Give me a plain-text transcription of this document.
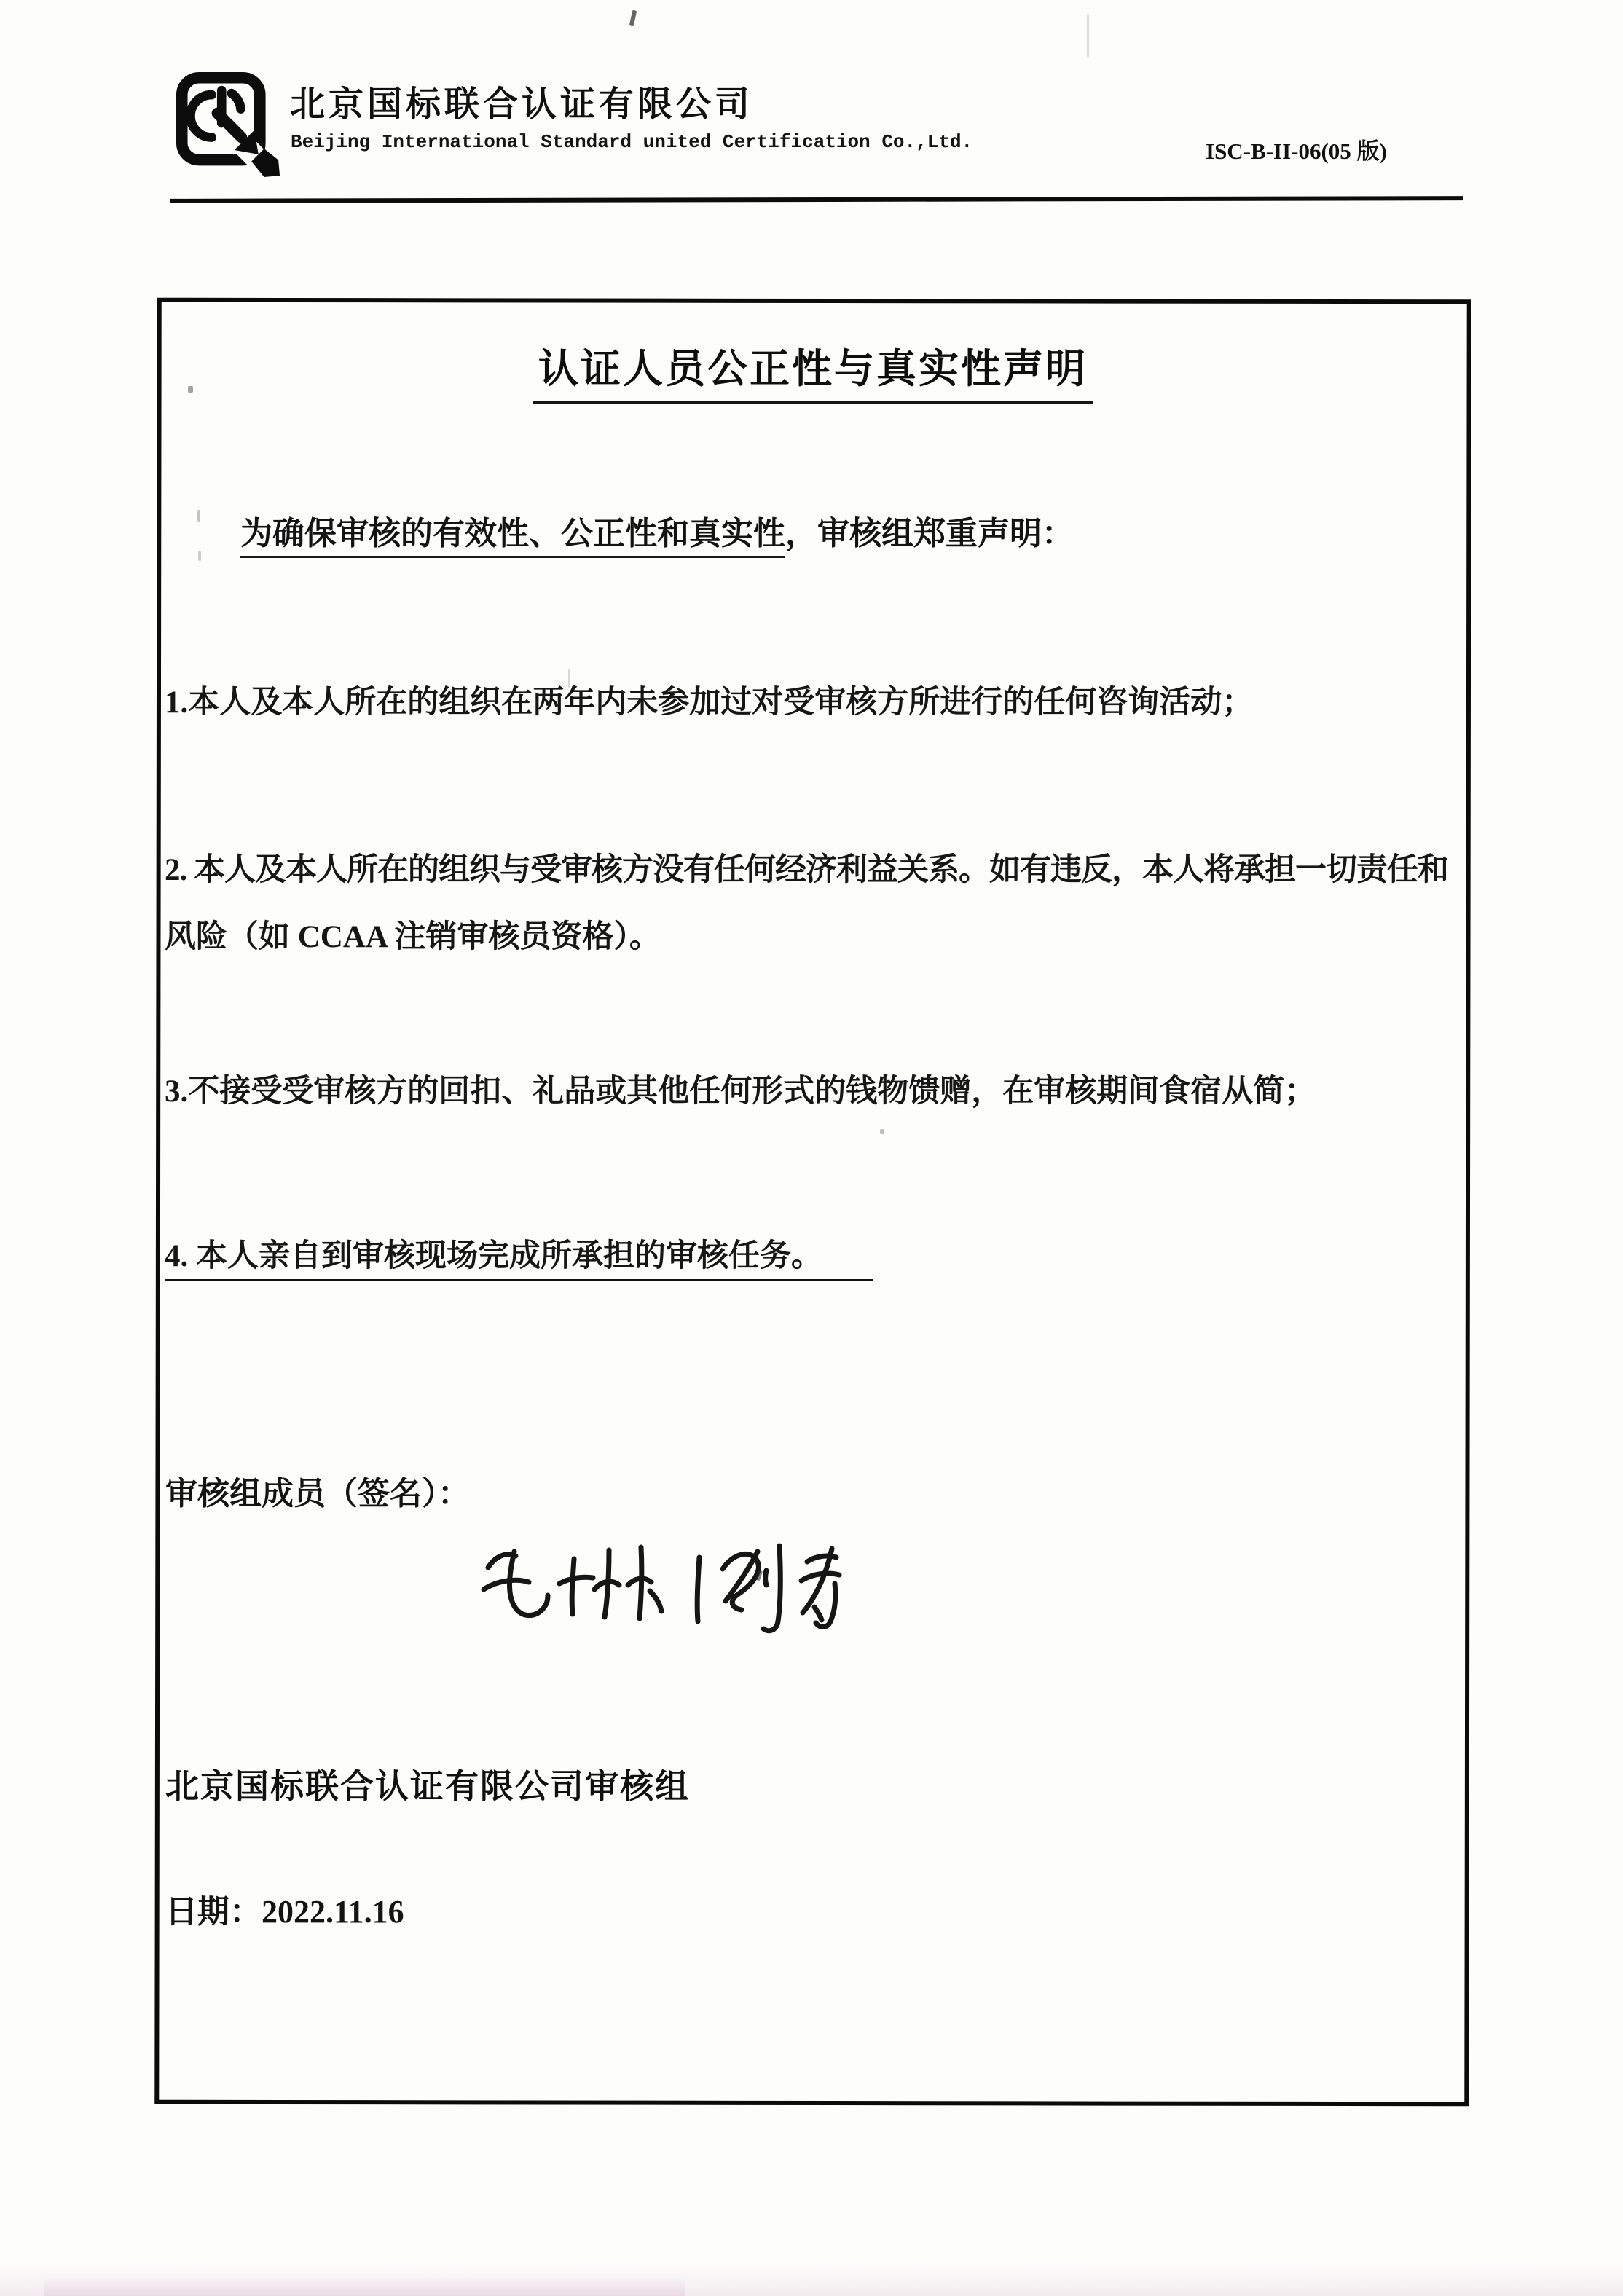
北京国标联合认证有限公司
Beijing International Standard united Certification Co.,Ltd.	ISC-B-II-06(05 版)
认证人员公正性与真实性声明
为确保审核的有效性、公正性和真实性，审核组郑重声明：
1.本人及本人所在的组织在两年内未参加过对受审核方所进行的任何咨询活动；
2. 本人及本人所在的组织与受审核方没有任何经济利益关系。如有违反，本人将承担一切责任和
风险（如 CCAA 注销审核员资格）。
3.不接受受审核方的回扣、礼品或其他任何形式的钱物馈赠，在审核期间食宿从简；
4. 本人亲自到审核现场完成所承担的审核任务。
审核组成员（签名）：
北京国标联合认证有限公司审核组
日期：2022.11.16
